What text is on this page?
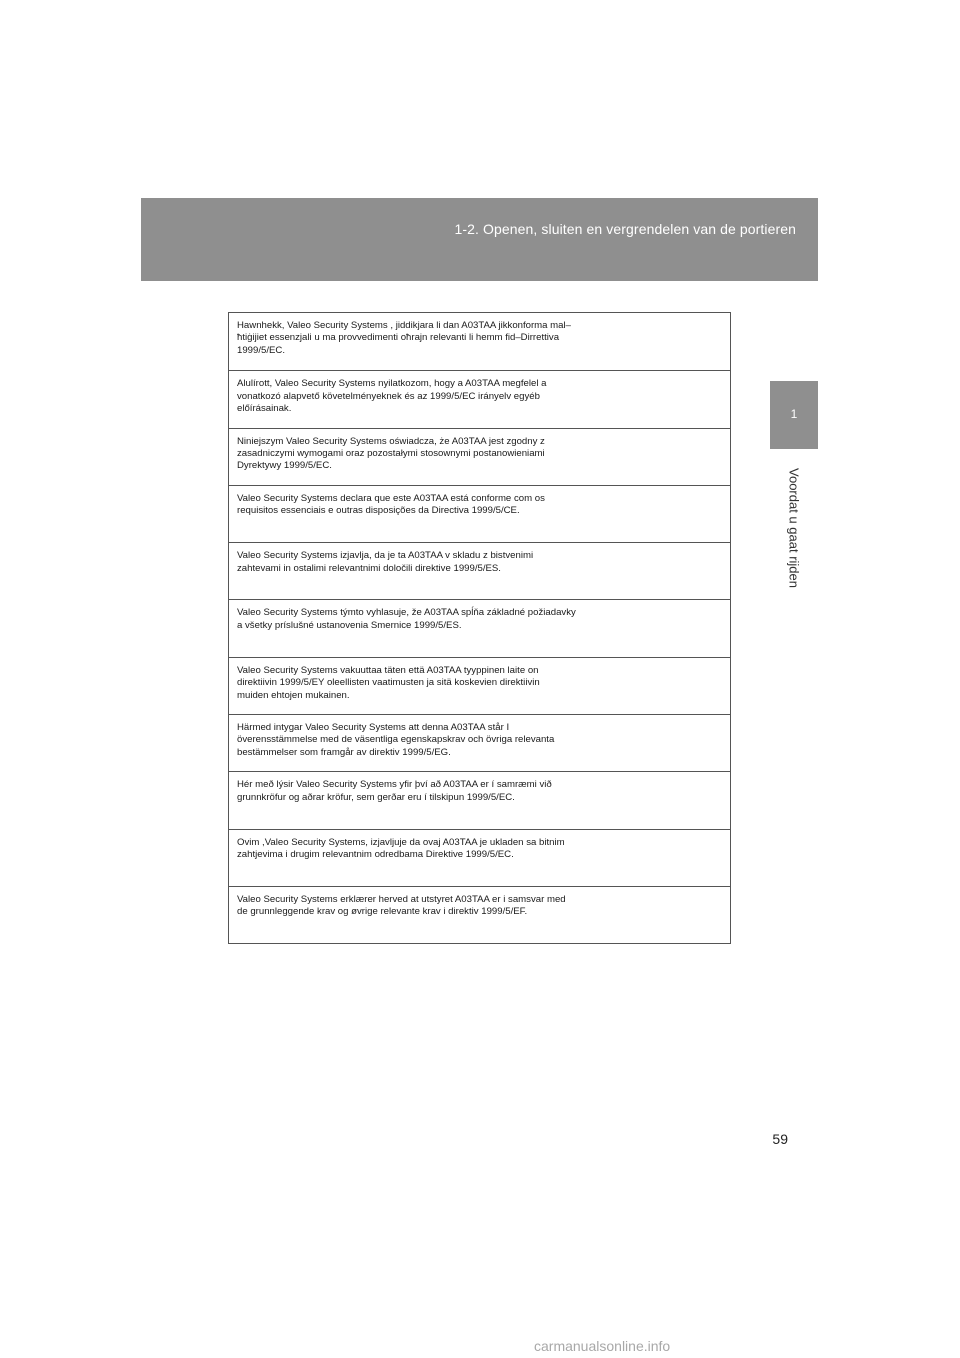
1-2. Openen, sluiten en vergrendelen van de portieren
1
Voordat u gaat rijden
Hawnhekk, Valeo Security Systems , jiddikjara li dan A03TAA jikkonforma mal–
ħtiġijiet essenzjali u ma provvedimenti oħrajn relevanti li hemm fid–Dirrettiva
1999/5/EC.
Alulírott, Valeo Security Systems nyilatkozom, hogy a A03TAA megfelel a
vonatkozó alapvető követelményeknek és az 1999/5/EC irányelv egyéb
előírásainak.
Niniejszym Valeo Security Systems oświadcza, że A03TAA jest zgodny z
zasadniczymi wymogami oraz pozostałymi stosownymi postanowieniami
Dyrektywy 1999/5/EC.
Valeo Security Systems declara que este A03TAA está conforme com os
requisitos essenciais e outras disposições da Directiva 1999/5/CE.
Valeo Security Systems izjavlja, da je ta A03TAA v skladu z bistvenimi
zahtevami in ostalimi relevantnimi določili direktive 1999/5/ES.
Valeo Security Systems týmto vyhlasuje, že A03TAA spĺňa základné požiadavky
a všetky príslušné ustanovenia Smernice 1999/5/ES.
Valeo Security Systems vakuuttaa täten että A03TAA tyyppinen laite on
direktiivin 1999/5/EY oleellisten vaatimusten ja sitä koskevien direktiivin
muiden ehtojen mukainen.
Härmed intygar Valeo Security Systems att denna A03TAA står I
överensstämmelse med de väsentliga egenskapskrav och övriga relevanta
bestämmelser som framgår av direktiv 1999/5/EG.
Hér með lýsir Valeo Security Systems yfir því að A03TAA er í samræmi við
grunnkröfur og aðrar kröfur, sem gerðar eru í tilskipun 1999/5/EC.
Ovim ,Valeo Security Systems, izjavljuje da ovaj A03TAA je ukladen sa bitnim
zahtjevima i drugim relevantnim odredbama Direktive 1999/5/EC.
Valeo Security Systems erklærer herved at utstyret A03TAA er i samsvar med
de grunnleggende krav og øvrige relevante krav i direktiv 1999/5/EF.
59
carmanualsonline.info
